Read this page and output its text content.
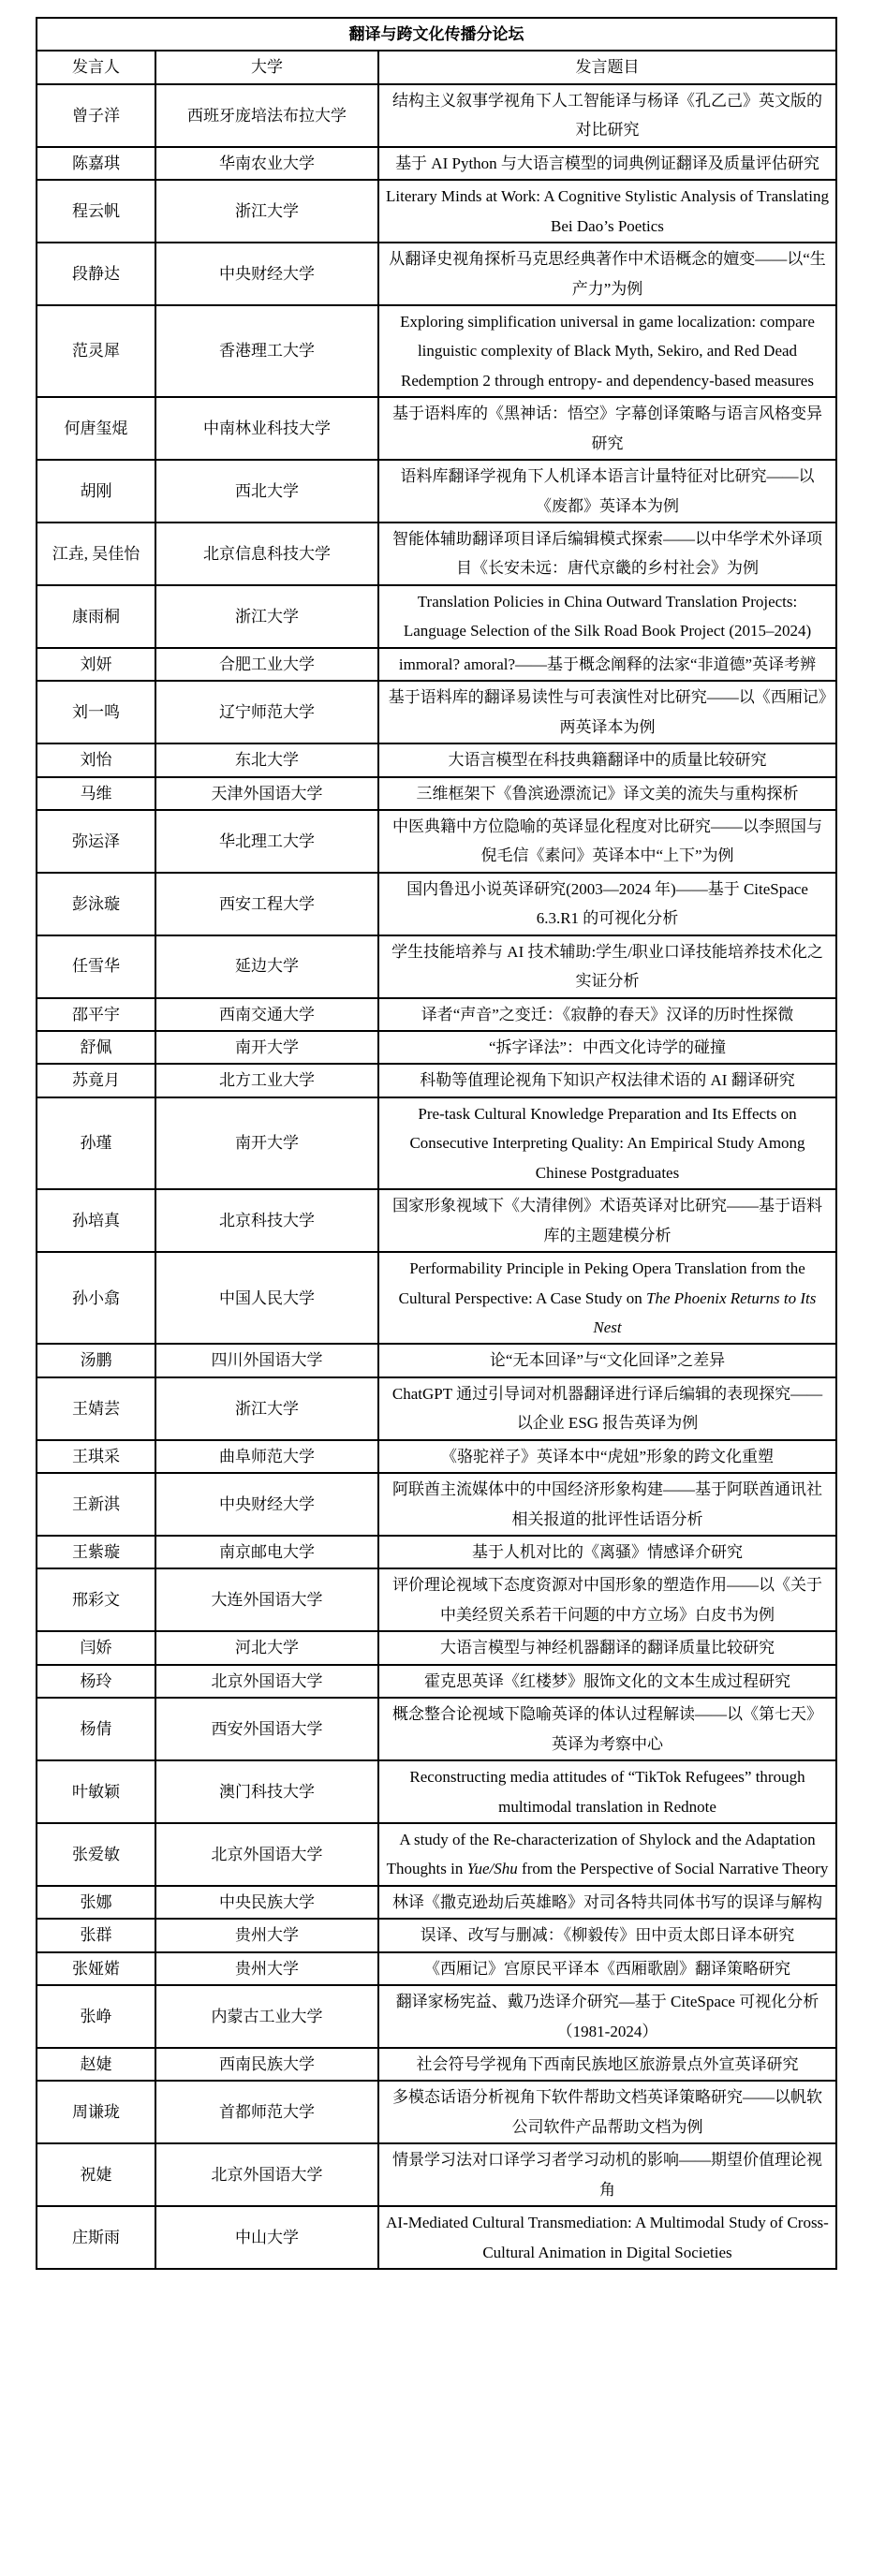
翻译与跨文化传播分论坛		
发言人	大学	发言题目
曾子洋	西班牙庞培法布拉大学	结构主义叙事学视角下人工智能译与杨译《孔乙己》英文版的对比研究
陈嘉琪	华南农业大学	基于 AI Python 与大语言模型的词典例证翻译及质量评估研究
程云帆	浙江大学	Literary Minds at Work: A Cognitive Stylistic Analysis of Translating Bei Dao’s Poetics
段静达	中央财经大学	从翻译史视角探析马克思经典著作中术语概念的嬗变——以“生产力”为例
范灵犀	香港理工大学	Exploring simplification universal in game localization: compare linguistic complexity of Black Myth, Sekiro, and Red Dead Redemption 2 through entropy- and dependency-based measures
何唐玺焜	中南林业科技大学	基于语料库的《黑神话：悟空》字幕创译策略与语言风格变异研究
胡刚	西北大学	语料库翻译学视角下人机译本语言计量特征对比研究——以《废都》英译本为例
江垚, 吴佳怡	北京信息科技大学	智能体辅助翻译项目译后编辑模式探索——以中华学术外译项目《长安未远：唐代京畿的乡村社会》为例
康雨桐	浙江大学	Translation Policies in China Outward Translation Projects: Language Selection of the Silk Road Book Project (2015–2024)
刘妍	合肥工业大学	immoral? amoral?——基于概念阐释的法家“非道德”英译考辨
刘一鸣	辽宁师范大学	基于语料库的翻译易读性与可表演性对比研究——以《西厢记》两英译本为例
刘怡	东北大学	大语言模型在科技典籍翻译中的质量比较研究
马维	天津外国语大学	三维框架下《鲁滨逊漂流记》译文美的流失与重构探析
弥运泽	华北理工大学	中医典籍中方位隐喻的英译显化程度对比研究——以李照国与倪毛信《素问》英译本中“上下”为例
彭泳璇	西安工程大学	国内鲁迅小说英译研究(2003—2024 年)——基于 CiteSpace 6.3.R1 的可视化分析
任雪华	延边大学	学生技能培养与 AI 技术辅助:学生/职业口译技能培养技术化之实证分析
邵平宇	西南交通大学	译者“声音”之变迁：《寂静的春天》汉译的历时性探微
舒佩	南开大学	“拆字译法”：中西文化诗学的碰撞
苏竟月	北方工业大学	科勒等值理论视角下知识产权法律术语的 AI 翻译研究
孙瑾	南开大学	Pre-task Cultural Knowledge Preparation and Its Effects on Consecutive Interpreting Quality: An Empirical Study Among Chinese Postgraduates
孙培真	北京科技大学	国家形象视域下《大清律例》术语英译对比研究——基于语料库的主题建模分析
孙小翕	中国人民大学	Performability Principle in Peking Opera Translation from the Cultural Perspective: A Case Study on The Phoenix Returns to Its Nest
汤鹏	四川外国语大学	论“无本回译”与“文化回译”之差异
王婧芸	浙江大学	ChatGPT 通过引导词对机器翻译进行译后编辑的表现探究——以企业 ESG 报告英译为例
王琪采	曲阜师范大学	《骆驼祥子》英译本中“虎妞”形象的跨文化重塑
王新淇	中央财经大学	阿联酋主流媒体中的中国经济形象构建——基于阿联酋通讯社相关报道的批评性话语分析
王紫璇	南京邮电大学	基于人机对比的《离骚》情感译介研究
邢彩文	大连外国语大学	评价理论视域下态度资源对中国形象的塑造作用——以《关于中美经贸关系若干问题的中方立场》白皮书为例
闫娇	河北大学	大语言模型与神经机器翻译的翻译质量比较研究
杨玲	北京外国语大学	霍克思英译《红楼梦》服饰文化的文本生成过程研究
杨倩	西安外国语大学	概念整合论视域下隐喻英译的体认过程解读——以《第七天》英译为考察中心
叶敏颖	澳门科技大学	Reconstructing media attitudes of “TikTok Refugees” through multimodal translation in Rednote
张爱敏	北京外国语大学	A study of the Re-characterization of Shylock and the Adaptation Thoughts in Yue/Shu from the Perspective of Social Narrative Theory
张娜	中央民族大学	林译《撒克逊劫后英雄略》对司各特共同体书写的误译与解构
张群	贵州大学	误译、改写与删减：《柳毅传》田中贡太郎日译本研究
张娅婼	贵州大学	《西厢记》宫原民平译本《西厢歌剧》翻译策略研究
张峥	内蒙古工业大学	翻译家杨宪益、戴乃迭译介研究—基于 CiteSpace 可视化分析（1981-2024）
赵婕	西南民族大学	社会符号学视角下西南民族地区旅游景点外宣英译研究
周谦珑	首都师范大学	多模态话语分析视角下软件帮助文档英译策略研究——以帆软公司软件产品帮助文档为例
祝婕	北京外国语大学	情景学习法对口译学习者学习动机的影响——期望价值理论视角
庄斯雨	中山大学	AI-Mediated Cultural Transmediation: A Multimodal Study of Cross-Cultural Animation in Digital Societies
